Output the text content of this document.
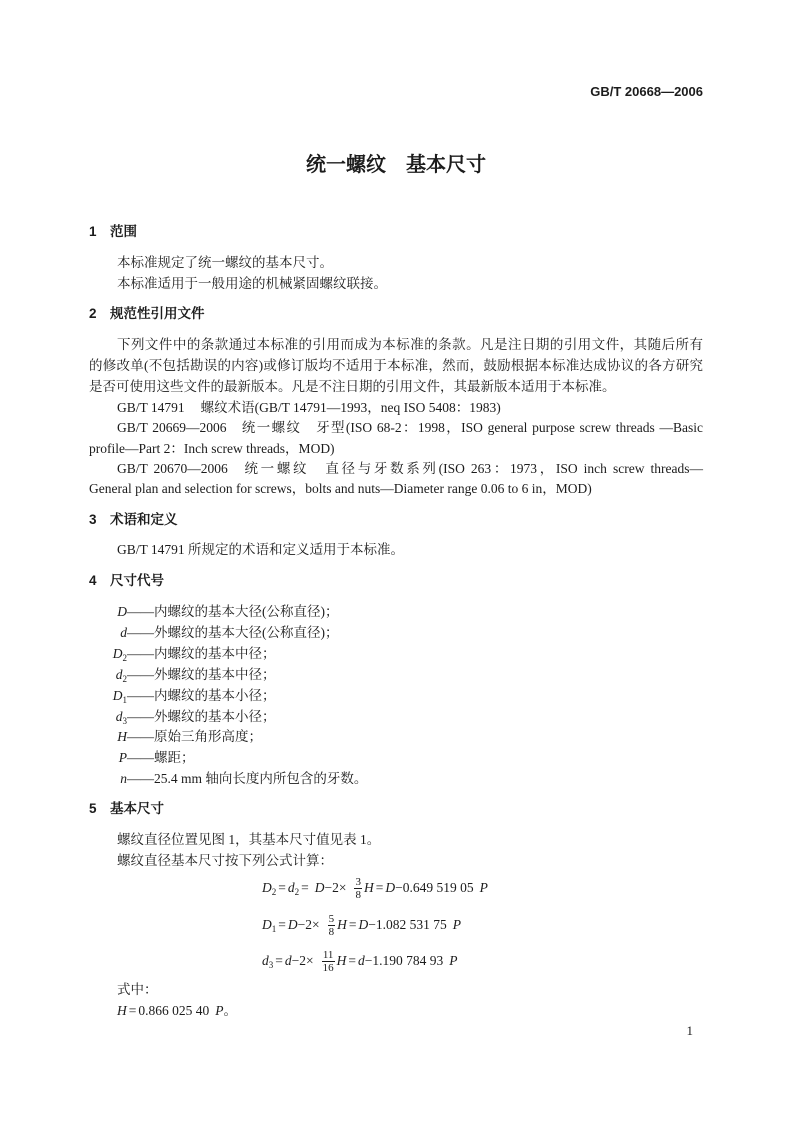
GB/T 20668—2006
统一螺纹　基本尺寸
1 范围
本标准规定了统一螺纹的基本尺寸。
本标准适用于一般用途的机械紧固螺纹联接。
2 规范性引用文件
下列文件中的条款通过本标准的引用而成为本标准的条款。凡是注日期的引用文件，其随后所有
的修改单(不包括勘误的内容)或修订版均不适用于本标准，然而，鼓励根据本标准达成协议的各方研究
是否可使用这些文件的最新版本。凡是不注日期的引用文件，其最新版本适用于本标准。
GB/T 14791 螺纹术语(GB/T 14791—1993，neq ISO 5408：1983)
GB/T 20669—2006 统一螺纹　牙型(ISO 68-2：1998，ISO general purpose screw threads —Basic
profile—Part 2：Inch screw threads，MOD)
GB/T 20670—2006 统一螺纹　直径与牙数系列(ISO 263：1973，ISO inch screw threads—
General plan and selection for screws，bolts and nuts—Diameter range 0.06 to 6 in，MOD)
3 术语和定义
GB/T 14791 所规定的术语和定义适用于本标准。
4 尺寸代号
D——内螺纹的基本大径(公称直径)；
d——外螺纹的基本大径(公称直径)；
$D_2——$内螺纹的基本中径；
$d_2——$外螺纹的基本中径；
$D_1——$内螺纹的基本小径；
$d_3——$外螺纹的基本小径；
H——原始三角形高度；
P——螺距；
n——25.4 mm 轴向长度内所包含的牙数。
5 基本尺寸
螺纹直径位置见图 1，其基本尺寸值见表 1。
螺纹直径基本尺寸按下列公式计算：
$D_2 = d_2 = D-2\times \frac{3}{8}$ H = D−0.649 519 05 P
$D_1 = D-2\times \frac{5}{8}$ H = D−1.082 531 75 P
$d_3 = d-2\times \frac{11}{16}$ H = d−1.190 784 93 P
式中：
H = 0.866 025 40 P。
1
